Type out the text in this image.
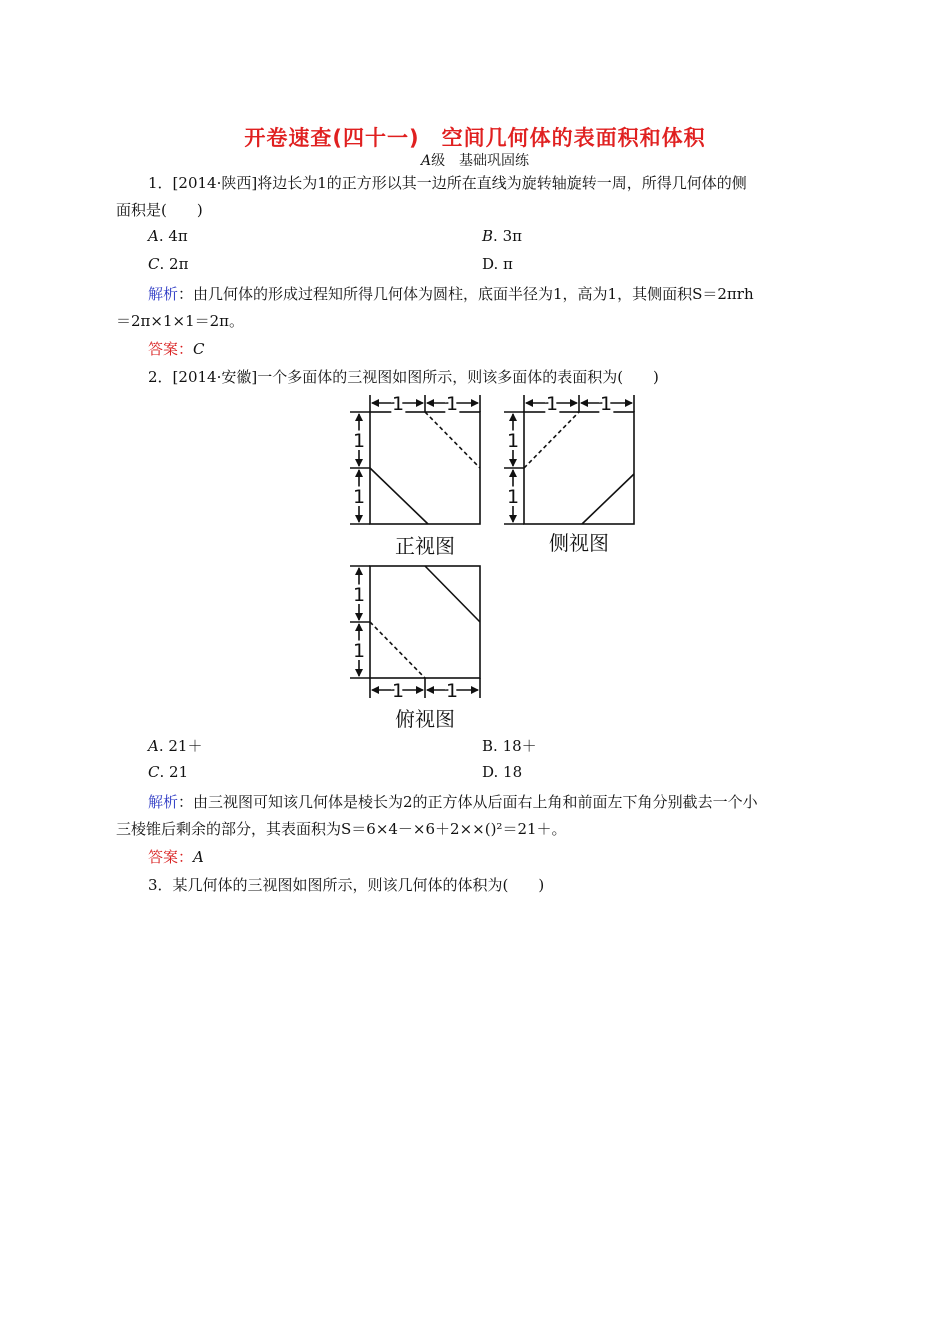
开卷速查(四十一)　空间几何体的表面积和体积
A级　基础巩固练
1．[2014·陕西]将边长为1的正方形以其一边所在直线为旋转轴旋转一周，所得几何体的侧
面积是(　　)
A. 4π	B. 3π
C. 2π	D. π
解析：由几何体的形成过程知所得几何体为圆柱，底面半径为1，高为1，其侧面积S＝2πrh
＝2π×1×1＝2π。
答案：C
2．[2014·安徽]一个多面体的三视图如图所示，则该多面体的表面积为(　　)
1 1
1
1
1 1
1
1
1
1
1 1
正视图	侧视图
俯视图
A. 21＋	B. 18＋
C. 21	D. 18
解析：由三视图可知该几何体是棱长为2的正方体从后面右上角和前面左下角分别截去一个小
三棱锥后剩余的部分，其表面积为S＝6×4－×6＋2××()²＝21＋。
答案：A
3．某几何体的三视图如图所示，则该几何体的体积为(　　)
